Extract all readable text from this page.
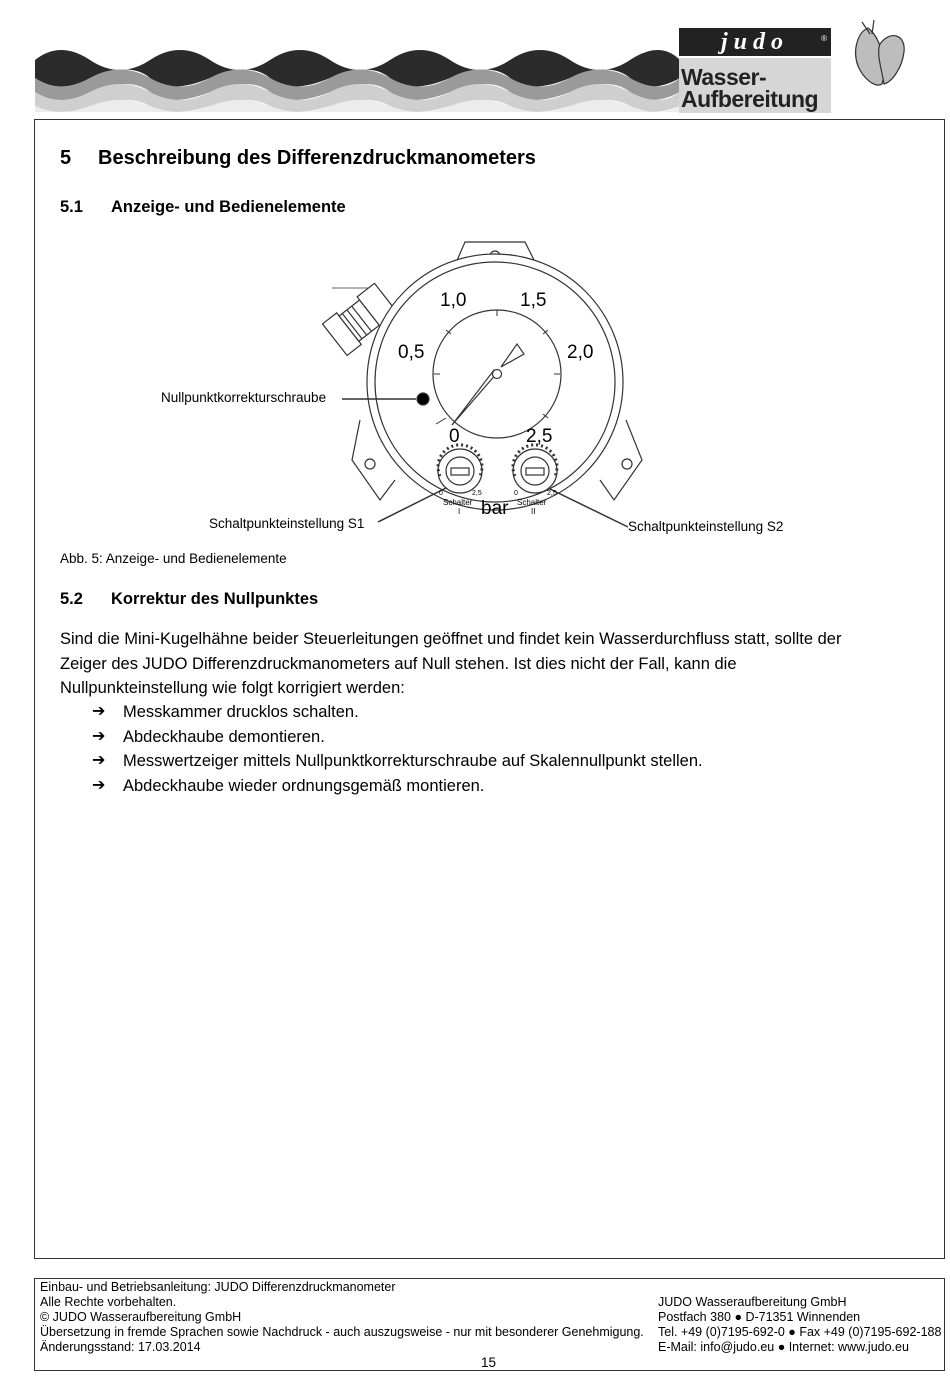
judo	®
Wasser-
Aufbereitung
5 Beschreibung des Differenzdruckmanometers
5.1 Anzeige- und Bedienelemente
0,5
1,0	1,5
2,0
0	2,5
bar
0	2,5
Schalter
I
0	2,5
Schalter
II
Nullpunktkorrekturschraube
Schaltpunkteinstellung S1	Schaltpunkteinstellung S2
Abb. 5: Anzeige- und Bedienelemente
5.2 Korrektur des Nullpunktes
Sind die Mini-Kugelhähne beider Steuerleitungen geöffnet und findet kein Wasserdurchfluss statt, sollte der
Zeiger des JUDO Differenzdruckmanometers auf Null stehen. Ist dies nicht der Fall, kann die
Nullpunkteinstellung wie folgt korrigiert werden:
➔	Messkammer drucklos schalten.
➔	Abdeckhaube demontieren.
➔	Messwertzeiger mittels Nullpunktkorrekturschraube auf Skalennullpunkt stellen.
➔	Abdeckhaube wieder ordnungsgemäß montieren.
Einbau- und Betriebsanleitung: JUDO Differenzdruckmanometer
Alle Rechte vorbehalten.
© JUDO Wasseraufbereitung GmbH
Übersetzung in fremde Sprachen sowie Nachdruck - auch auszugsweise - nur mit besonderer Genehmigung.
Änderungsstand: 17.03.2014
JUDO Wasseraufbereitung GmbH
Postfach 380 ● D-71351 Winnenden
Tel. +49 (0)7195-692-0 ● Fax +49 (0)7195-692-188
E-Mail: info@judo.eu ● Internet: www.judo.eu
15
